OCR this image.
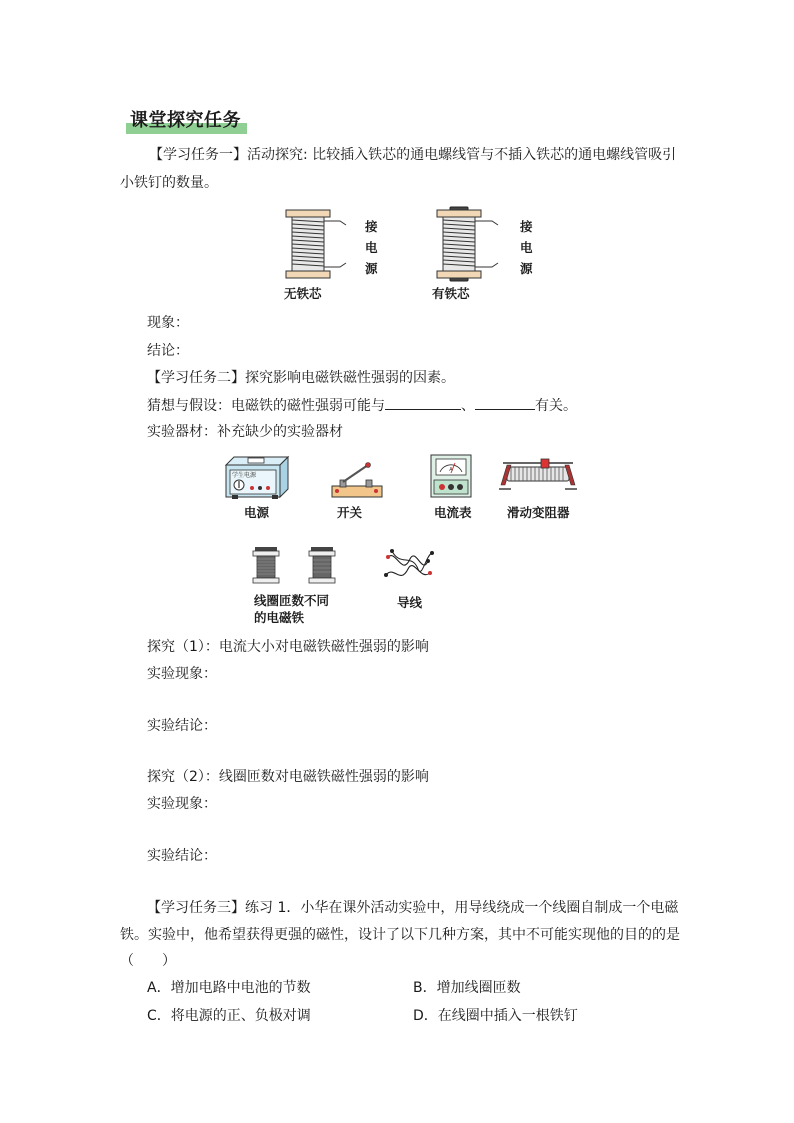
课堂探究任务
【学习任务一】活动探究: 比较插入铁芯的通电螺线管与不插入铁芯的通电螺线管吸引
小铁钉的数量。
接
电
源
无铁芯
接
电
源
有铁芯
现象：
结论：
【学习任务二】探究影响电磁铁磁性强弱的因素。
猜想与假设：电磁铁的磁性强弱可能与	、	有关。
实验器材：补充缺少的实验器材
学生电源
A
电源	开关	电流表	滑动变阻器
线圈匝数不同
的电磁铁
导线
探究（1）：电流大小对电磁铁磁性强弱的影响
实验现象：
实验结论：
探究（2）：线圈匝数对电磁铁磁性强弱的影响
实验现象：
实验结论：
【学习任务三】练习 1．小华在课外活动实验中，用导线绕成一个线圈自制成一个电磁
铁。实验中，他希望获得更强的磁性，设计了以下几种方案，其中不可能实现他的目的的是
（　　）
A．增加电路中电池的节数	B．增加线圈匝数
C．将电源的正、负极对调	D．在线圈中插入一根铁钉
